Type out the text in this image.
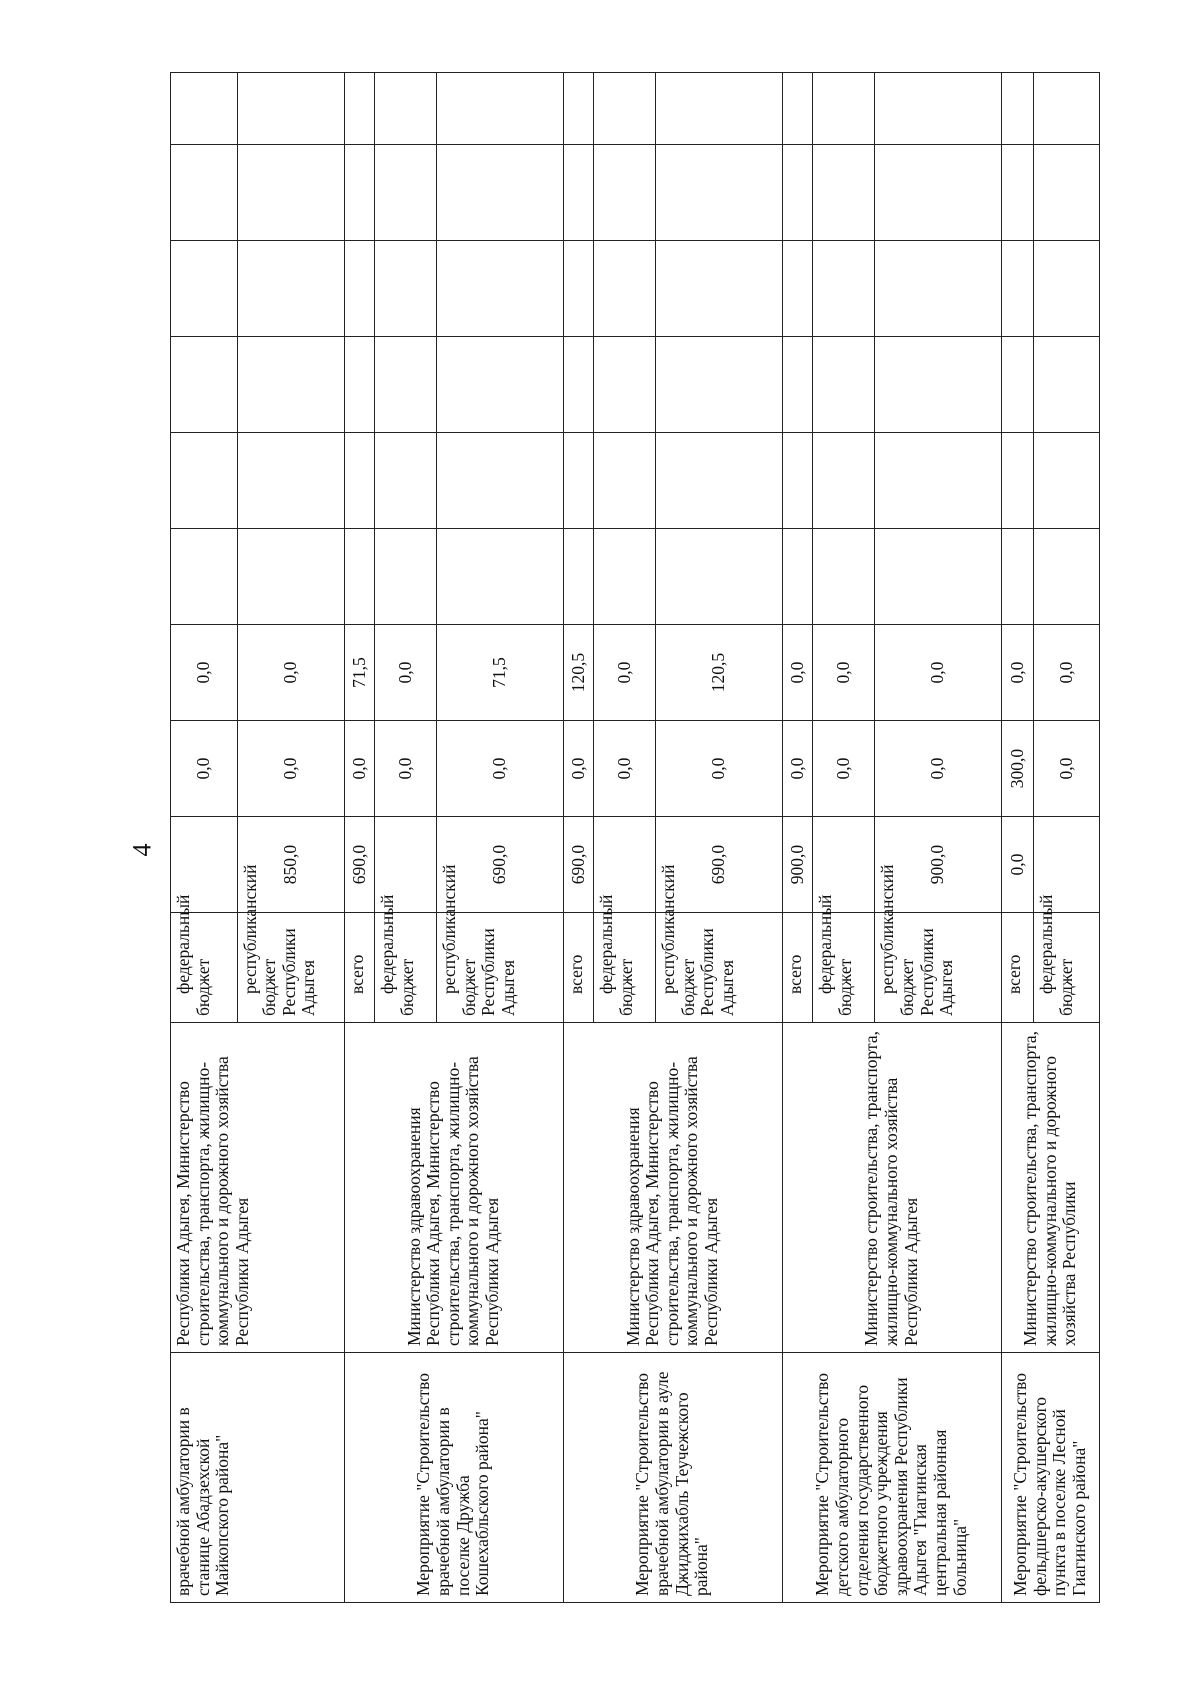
4
врачебной амбулатории в станице Абадзехской Майкопского района"	Республики Адыгея, Министерство строительства, транспорта, жилищно-коммунального и дорожного хозяйства Республики Адыгея	федеральный бюджет		0,0	0,0						
		республиканский бюджет Республики Адыгея	850,0	0,0	0,0						
Мероприятие "Строительство врачебной амбулатории в поселке Дружба Кошехабльского района"	Министерство здравоохранения Республики Адыгея, Министерство строительства, транспорта, жилищно-коммунального и дорожного хозяйства Республики Адыгея	всего	690,0	0,0	71,5						
		федеральный бюджет		0,0	0,0						
		республиканский бюджет Республики Адыгея	690,0	0,0	71,5						
Мероприятие "Строительство врачебной амбулатории в ауле Джиджихабль Теучежского района"	Министерство здравоохранения Республики Адыгея, Министерство строительства, транспорта, жилищно-коммунального и дорожного хозяйства Республики Адыгея	всего	690,0	0,0	120,5						
		федеральный бюджет		0,0	0,0						
		республиканский бюджет Республики Адыгея	690,0	0,0	120,5						
Мероприятие "Строительство детского амбулаторного отделения государственного бюджетного учреждения здравоохранения Республики Адыгея "Гиагинская центральная районная больница"	Министерство строительства, транспорта, жилищно-коммунального хозяйства Республики Адыгея	всего	900,0	0,0	0,0						
		федеральный бюджет		0,0	0,0						
		республиканский бюджет Республики Адыгея	900,0	0,0	0,0						
Мероприятие "Строительство фельдшерско-акушерского пункта в поселке Лесной Гиагинского района"	Министерство строительства, транспорта, жилищно-коммунального и дорожного хозяйства Республики	всего	0,0	300,0	0,0						
		федеральный бюджет		0,0	0,0						
